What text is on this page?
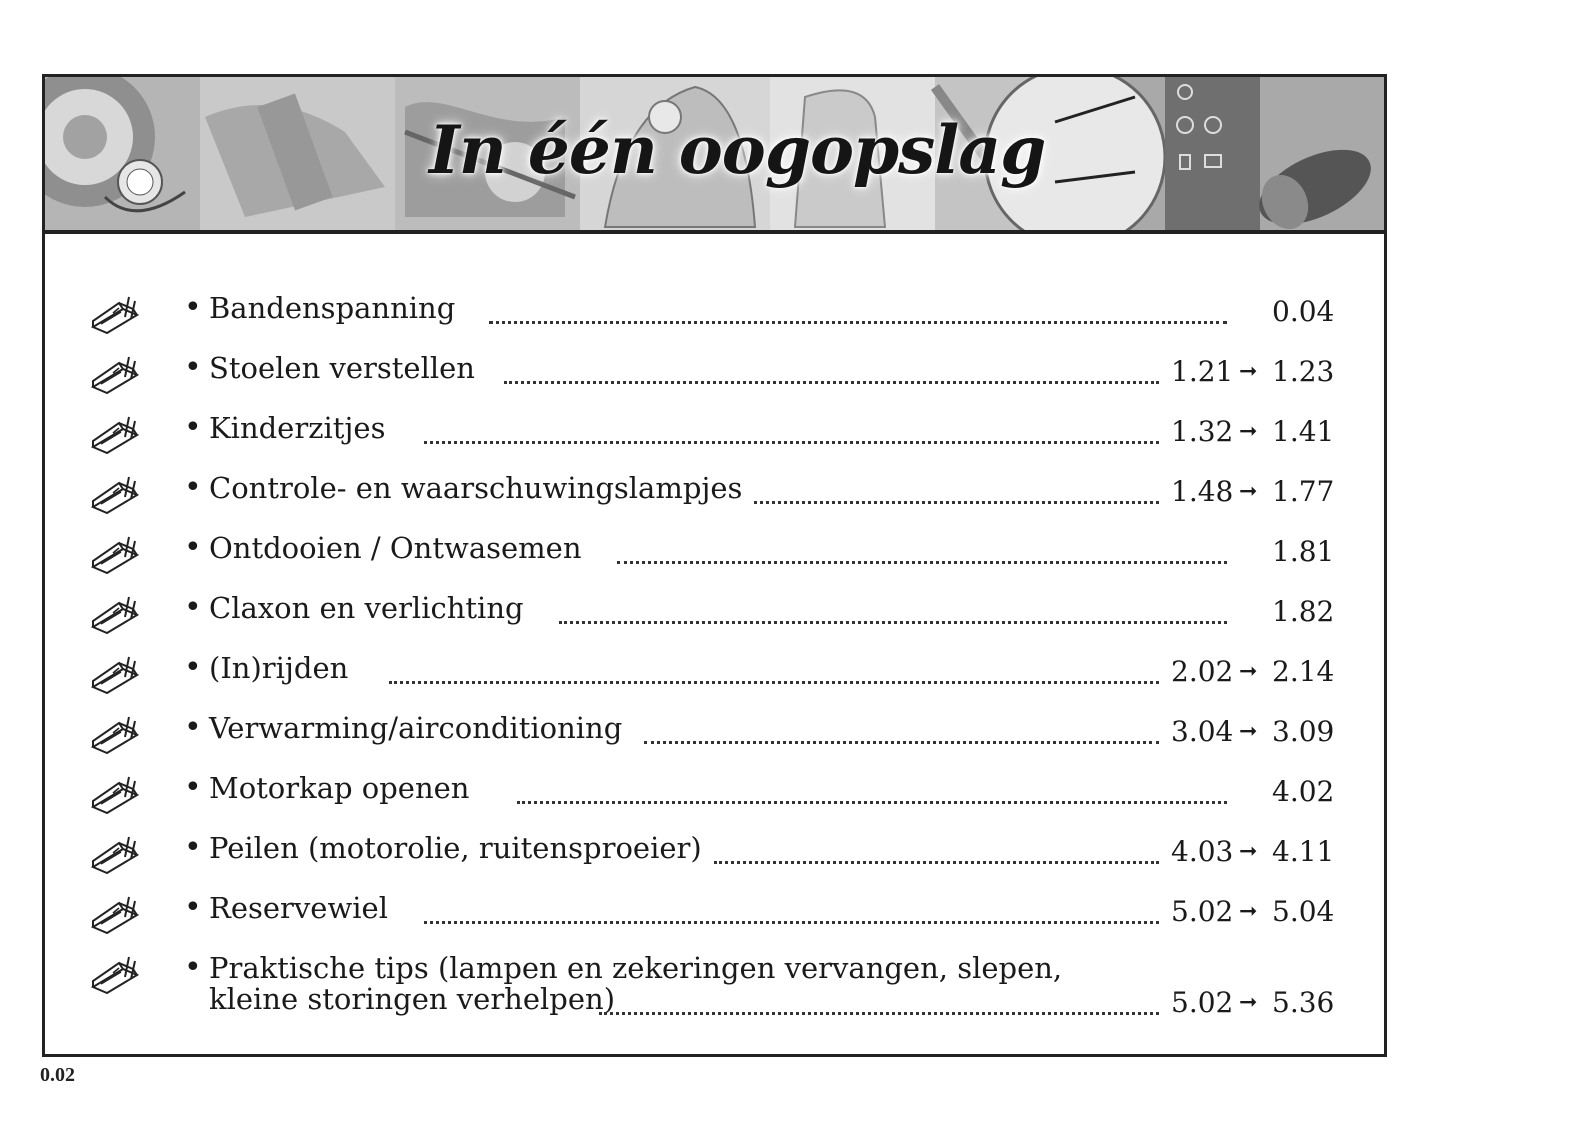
In één oogopslag
• Bandenspanning	0.04
• Stoelen verstellen	1.21 ➞ 1.23
• Kinderzitjes	1.32 ➞ 1.41
• Controle- en waarschuwingslampjes	1.48 ➞ 1.77
• Ontdooien / Ontwasemen	1.81
• Claxon en verlichting	1.82
• (In)rijden	2.02 ➞ 2.14
• Verwarming/airconditioning	3.04 ➞ 3.09
• Motorkap openen	4.02
• Peilen (motorolie, ruitensproeier)	4.03 ➞ 4.11
• Reservewiel	5.02 ➞ 5.04
• Praktische tips (lampen en zekeringen vervangen, slepen,
kleine storingen verhelpen)	5.02 ➞ 5.36
0.02
